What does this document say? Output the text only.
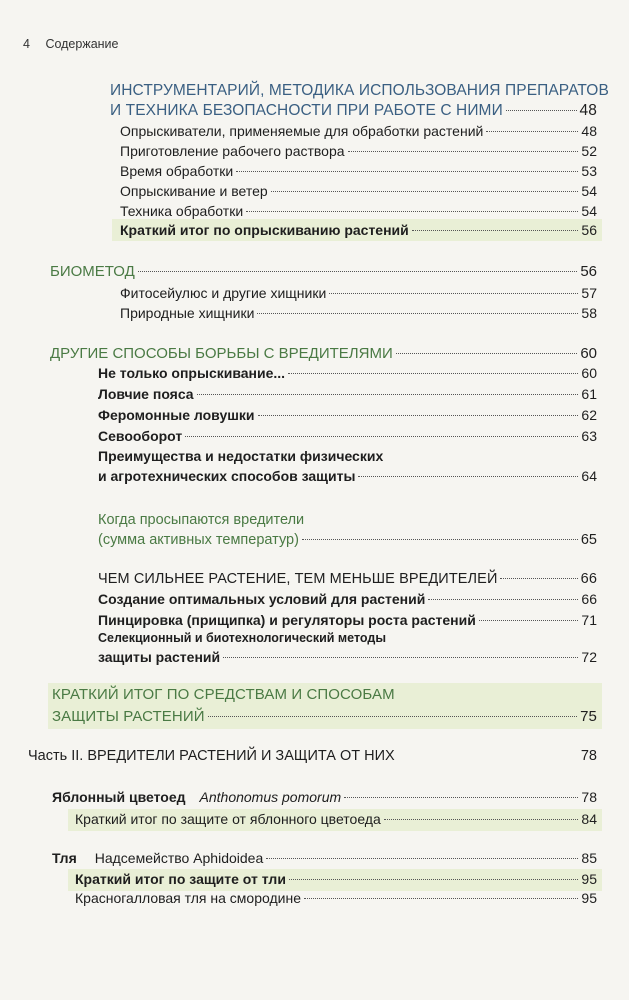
4 Содержание
ИНСТРУМЕНТАРИЙ, МЕТОДИКА ИСПОЛЬЗОВАНИЯ ПРЕПАРАТОВ
И ТЕХНИКА БЕЗОПАСНОСТИ ПРИ РАБОТЕ С НИМИ	48
Опрыскиватели, применяемые для обработки растений	48
Приготовление рабочего раствора	52
Время обработки	53
Опрыскивание и ветер	54
Техника обработки	54
Краткий итог по опрыскиванию растений	56
БИОМЕТОД	56
Фитосейулюс и другие хищники	57
Природные хищники	58
ДРУГИЕ СПОСОБЫ БОРЬБЫ С ВРЕДИТЕЛЯМИ	60
Не только опрыскивание...	60
Ловчие пояса	61
Феромонные ловушки	62
Севооборот	63
Преимущества и недостатки физических
и агротехнических способов защиты	64
Когда просыпаются вредители
(сумма активных температур)	65
ЧЕМ СИЛЬНЕЕ РАСТЕНИЕ, ТЕМ МЕНЬШЕ ВРЕДИТЕЛЕЙ	66
Создание оптимальных условий для растений	66
Пинцировка (прищипка) и регуляторы роста растений	71
Селекционный и биотехнологический методы
защиты растений	72
КРАТКИЙ ИТОГ ПО СРЕДСТВАМ И СПОСОБАМ
ЗАЩИТЫ РАСТЕНИЙ	75
Часть II. ВРЕДИТЕЛИ РАСТЕНИЙ И ЗАЩИТА ОТ НИХ	78
Яблонный цветоед Anthonomus pomorum	78
Краткий итог по защите от яблонного цветоеда	84
Тля Надсемейство Aphidoidea	85
Краткий итог по защите от тли	95
Красногалловая тля на смородине	95
